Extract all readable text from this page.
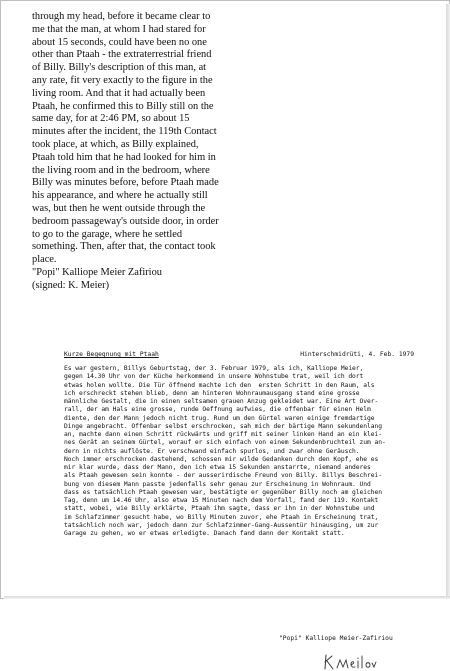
through my head, before it became clear to
me that the man, at whom I had stared for
about 15 seconds, could have been no one
other than Ptaah - the extraterrestrial friend
of Billy. Billy's description of this man, at
any rate, fit very exactly to the figure in the
living room. And that it had actually been
Ptaah, he confirmed this to Billy still on the
same day, for at 2:46 PM, so about 15
minutes after the incident, the 119th Contact
took place, at which, as Billy explained,
Ptaah told him that he had looked for him in
the living room and in the bedroom, where
Billy was minutes before, before Ptaah made
his appearance, and where he actually still
was, but then he went outside through the
bedroom passageway's outside door, in order
to go to the garage, where he settled
something. Then, after that, the contact took
place.

"Popi" Kalliope Meier Zafiriou

(signed: K. Meier)

Kurze Begegnung mit Ptaah	Hinterschmidrüti, 4. Feb. 1979

Es war gestern, Billys Geburtstag, der 3. Februar 1979, als ich, Kalliope Meier,
gegen 14.30 Uhr von der Küche herkommend in unsere Wohnstube trat, weil ich dort
etwas holen wollte. Die Tür öffnend machte ich den  ersten Schritt in den Raum, als
ich erschreckt stehen blieb, denn am hinteren Wohnraumausgang stand eine grosse
männliche Gestalt, die in einen seltsamen grauen Anzug gekleidet war. Eine Art Over-
rall, der am Hals eine grosse, runde Oeffnung aufwies, die offenbar für einen Helm
diente, den der Mann jedoch nicht trug. Rund um den Gürtel waren einige fremdartige
Dinge angebracht. Offenbar selbst erschrocken, sah mich der bärtige Mann sekundenlang
an, machte dann einen Schritt rückwärts und griff mit seiner linken Hand an ein klei-
nes Gerät an seinem Gürtel, worauf er sich einfach von einem Sekundenbruchteil zum an-
dern in nichts auflöste. Er verschwand einfach spurlos, und zwar ohne Geräusch.
Noch immer erschrocken dastehend, schossen mir wilde Gedanken durch den Kopf, ehe es
mir klar wurde, dass der Mann, den ich etwa 15 Sekunden anstarrte, niemand anderes
als Ptaah gewesen sein konnte - der ausserirdische Freund von Billy. Billys Beschrei-
bung von diesem Mann passte jedenfalls sehr genau zur Erscheinung in Wohnraum. Und
dass es tatsächlich Ptaah gewesen war, bestätigte er gegenüber Billy noch am gleichen
Tag, denn um 14.46 Uhr, also etwa 15 Minuten nach dem Vorfall, fand der 119. Kontakt
statt, wobei, wie Billy erklärte, Ptaah ihm sagte, dass er ihn in der Wohnstube und
im Schlafzimmer gesucht habe, wo Billy Minuten zuvor, ehe Ptaah in Erscheinung trat,
tatsächlich noch war, jedoch dann zur Schlafzimmer-Gang-Aussentür hinausging, um zur
Garage zu gehen, wo er etwas erledigte. Danach fand dann der Kontakt statt.

"Popi" Kalliope Meier-Zafiriou
